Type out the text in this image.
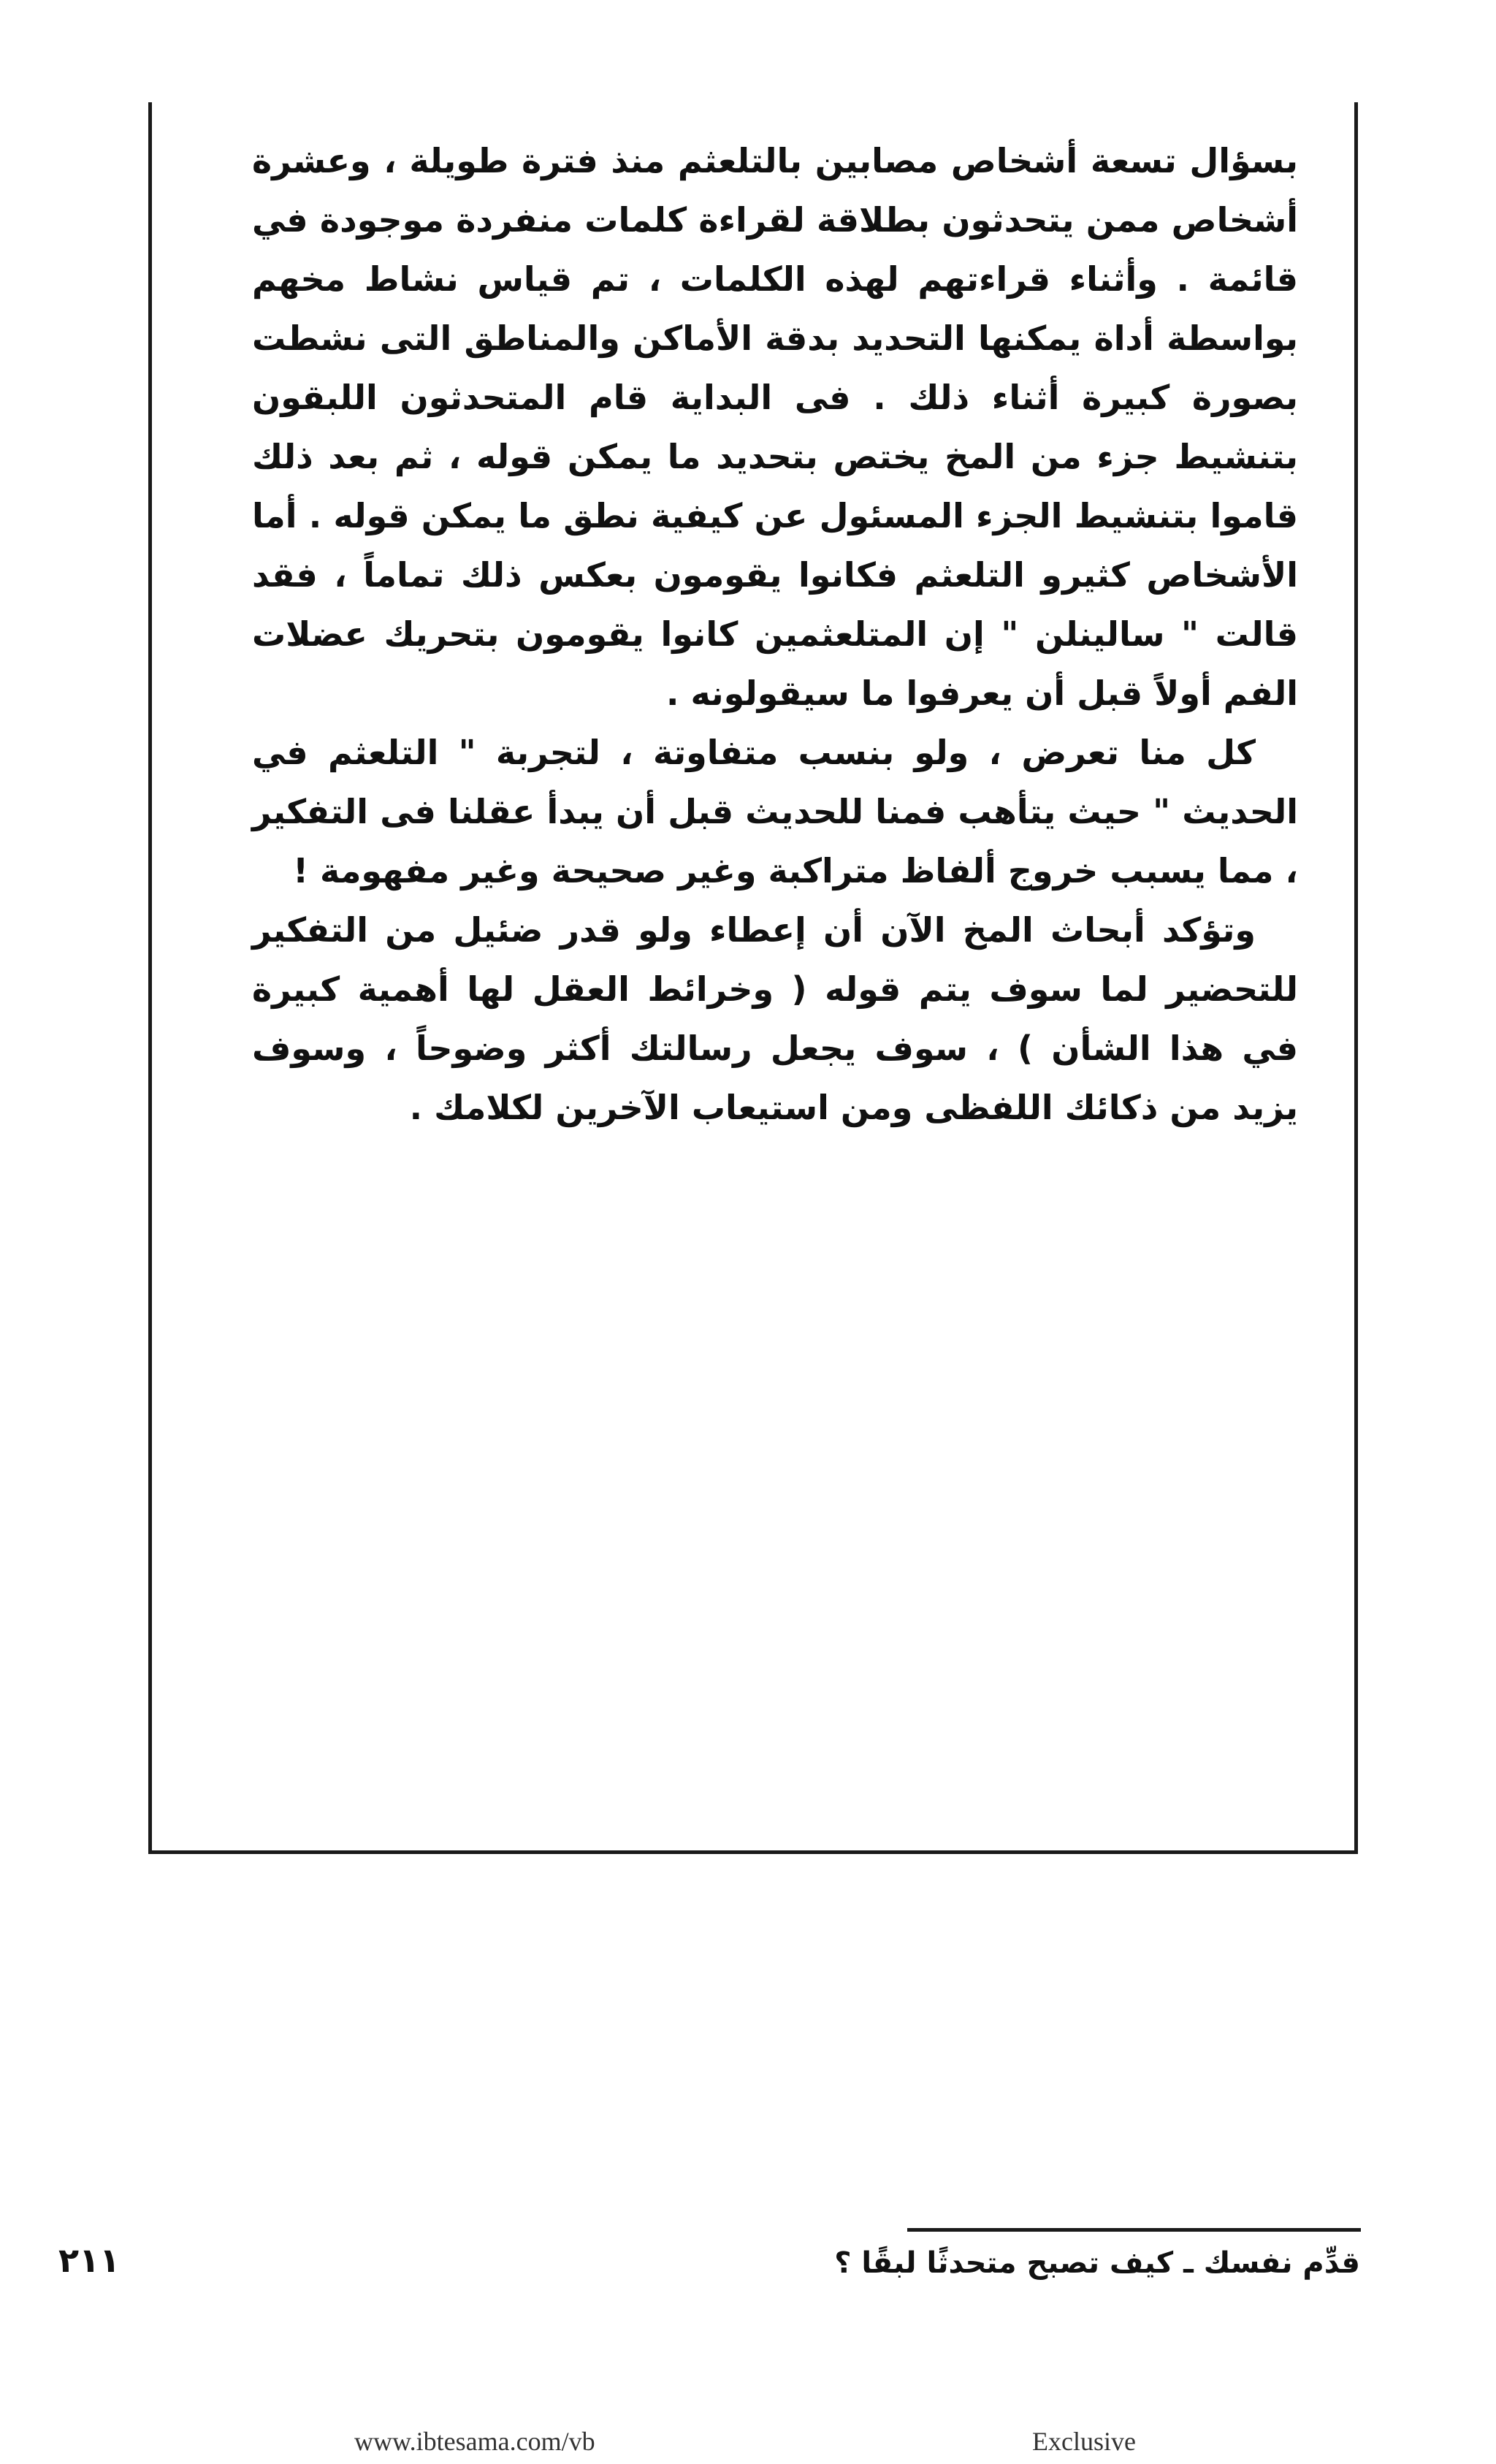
بسؤال تسعة أشخاص مصابين بالتلعثم منذ فترة طويلة ، وعشرة أشخاص ممن يتحدثون بطلاقة لقراءة كلمات منفردة موجودة في قائمة . وأثناء قراءتهم لهذه الكلمات ، تم قياس نشاط مخهم بواسطة أداة يمكنها التحديد بدقة الأماكن والمناطق التى نشطت بصورة كبيرة أثناء ذلك . فى البداية قام المتحدثون اللبقون بتنشيط جزء من المخ يختص بتحديد ما يمكن قوله ، ثم بعد ذلك قاموا بتنشيط الجزء المسئول عن كيفية نطق ما يمكن قوله . أما الأشخاص كثيرو التلعثم فكانوا يقومون بعكس ذلك تماماً ، فقد قالت " سالينلن " إن المتلعثمين كانوا يقومون بتحريك عضلات الفم أولاً قبل أن يعرفوا ما سيقولونه .

كل منا تعرض ، ولو بنسب متفاوتة ، لتجربة " التلعثم في الحديث " حيث يتأهب فمنا للحديث قبل أن يبدأ عقلنا فى التفكير ، مما يسبب خروج ألفاظ متراكبة وغير صحيحة وغير مفهومة !

وتؤكد أبحاث المخ الآن أن إعطاء ولو قدر ضئيل من التفكير للتحضير لما سوف يتم قوله ( وخرائط العقل لها أهمية كبيرة في هذا الشأن ) ، سوف يجعل رسالتك أكثر وضوحاً ، وسوف يزيد من ذكائك اللفظى ومن استيعاب الآخرين لكلامك .

قدِّم نفسك ـ كيف تصبح متحدثًا لبقًا ؟
٢١١
www.ibtesama.com/vb	Exclusive
